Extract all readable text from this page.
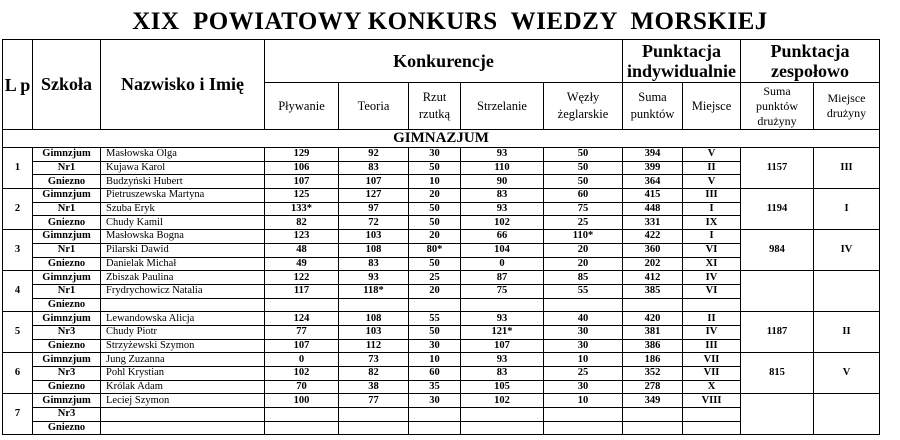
XIX  POWIATOWY KONKURS  WIEDZY  MORSKIEJ
L p	Szkoła	Nazwisko i Imię	Konkurencje					Punktacja indywidualnie		Punktacja zespołowo	
			Pływanie	Teoria	Rzut rzutką	Strzelanie	Węzły żeglarskie	Suma punktów	Miejsce	Suma punktów drużyny	Miejsce drużyny
GIMNAZJUM											
1	Gimnzjum	Masłowska Olga	129	92	30	93	50	394	V	1157	III
	Nr1	Kujawa Karol	106	83	50	110	50	399	II		
	Gniezno	Budzyński Hubert	107	107	10	90	50	364	V		
2	Gimnzjum	Pietruszewska Martyna	125	127	20	83	60	415	III	1194	I
	Nr1	Szuba Eryk	133*	97	50	93	75	448	I		
	Gniezno	Chudy Kamil	82	72	50	102	25	331	IX		
3	Gimnzjum	Masłowska Bogna	123	103	20	66	110*	422	I	984	IV
	Nr1	Pilarski Dawid	48	108	80*	104	20	360	VI		
	Gniezno	Danielak Michał	49	83	50	0	20	202	XI		
4	Gimnzjum	Zbiszak Paulina	122	93	25	87	85	412	IV		
	Nr1	Frydrychowicz Natalia	117	118*	20	75	55	385	VI		
	Gniezno										
5	Gimnzjum	Lewandowska Alicja	124	108	55	93	40	420	II	1187	II
	Nr3	Chudy Piotr	77	103	50	121*	30	381	IV		
	Gniezno	Strzyżewski Szymon	107	112	30	107	30	386	III		
6	Gimnzjum	Jung Zuzanna	0	73	10	93	10	186	VII	815	V
	Nr3	Pohl Krystian	102	82	60	83	25	352	VII		
	Gniezno	Królak Adam	70	38	35	105	30	278	X		
7	Gimnzjum	Leciej Szymon	100	77	30	102	10	349	VIII		
	Nr3										
	Gniezno										
